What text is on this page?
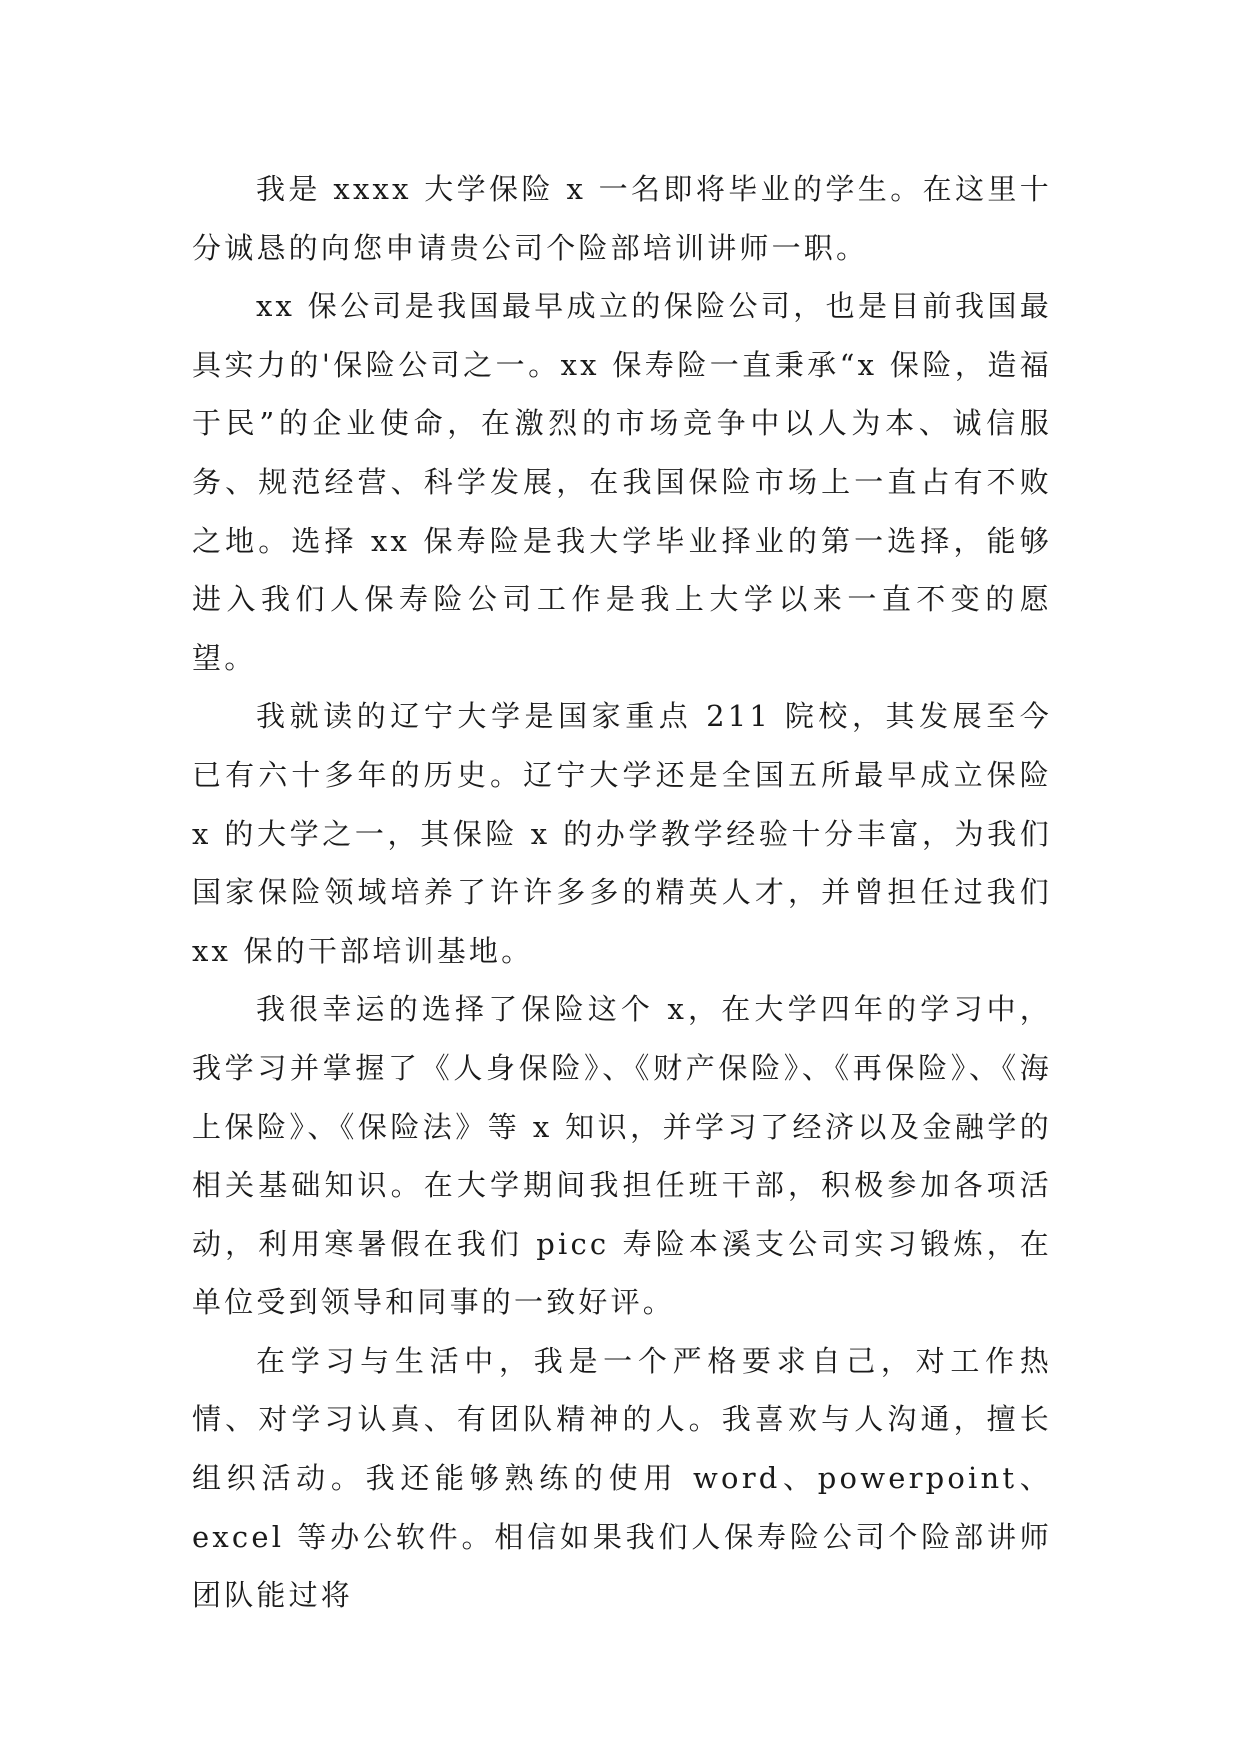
我是 xxxx 大学保险 x 一名即将毕业的学生。在这里十分诚恳的向您申请贵公司个险部培训讲师一职。

xx 保公司是我国最早成立的保险公司，也是目前我国最具实力的'保险公司之一。xx 保寿险一直秉承“x 保险，造福于民”的企业使命，在激烈的市场竞争中以人为本、诚信服务、规范经营、科学发展，在我国保险市场上一直占有不败之地。选择 xx 保寿险是我大学毕业择业的第一选择，能够进入我们人保寿险公司工作是我上大学以来一直不变的愿望。

我就读的辽宁大学是国家重点 211 院校，其发展至今已有六十多年的历史。辽宁大学还是全国五所最早成立保险 x 的大学之一，其保险 x 的办学教学经验十分丰富，为我们国家保险领域培养了许许多多的精英人才，并曾担任过我们 xx 保的干部培训基地。

我很幸运的选择了保险这个 x，在大学四年的学习中，我学习并掌握了《人身保险》、《财产保险》、《再保险》、《海上保险》、《保险法》等 x 知识，并学习了经济以及金融学的相关基础知识。在大学期间我担任班干部，积极参加各项活动，利用寒暑假在我们 picc 寿险本溪支公司实习锻炼，在单位受到领导和同事的一致好评。

在学习与生活中，我是一个严格要求自己，对工作热情、对学习认真、有团队精神的人。我喜欢与人沟通，擅长组织活动。我还能够熟练的使用 word、powerpoint、excel 等办公软件。相信如果我们人保寿险公司个险部讲师团队能过将
